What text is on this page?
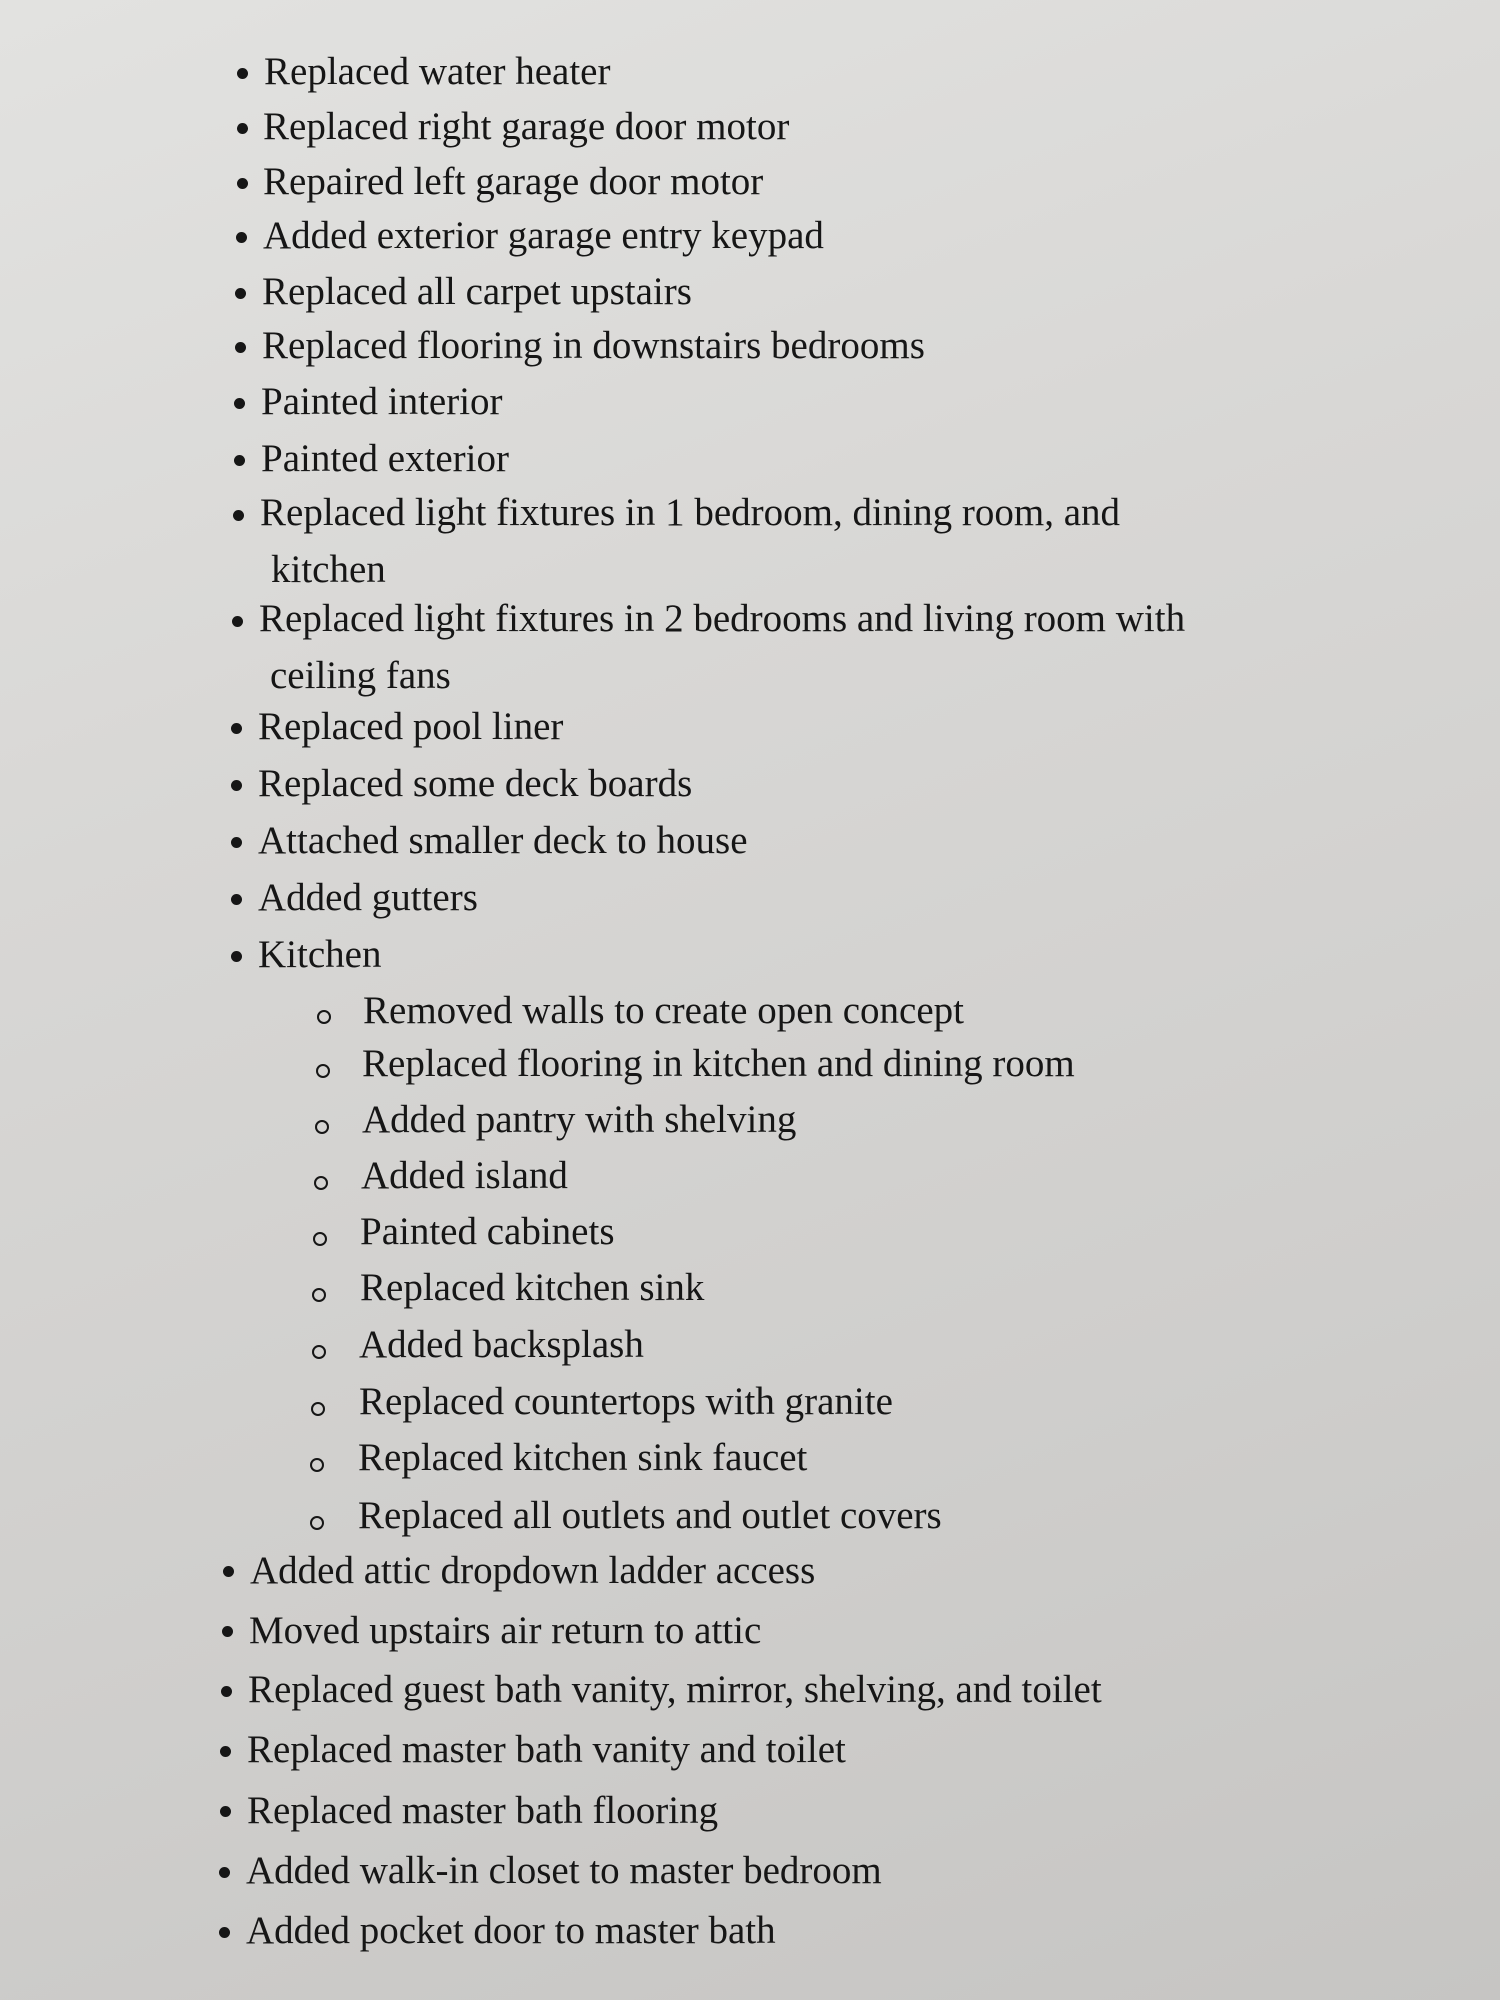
Replaced water heater
Replaced right garage door motor
Repaired left garage door motor
Added exterior garage entry keypad
Replaced all carpet upstairs
Replaced flooring in downstairs bedrooms
Painted interior
Painted exterior
Replaced light fixtures in 1 bedroom, dining room, and
kitchen
Replaced light fixtures in 2 bedrooms and living room with
ceiling fans
Replaced pool liner
Replaced some deck boards
Attached smaller deck to house
Added gutters
Kitchen
Removed walls to create open concept
Replaced flooring in kitchen and dining room
Added pantry with shelving
Added island
Painted cabinets
Replaced kitchen sink
Added backsplash
Replaced countertops with granite
Replaced kitchen sink faucet
Replaced all outlets and outlet covers
Added attic dropdown ladder access
Moved upstairs air return to attic
Replaced guest bath vanity, mirror, shelving, and toilet
Replaced master bath vanity and toilet
Replaced master bath flooring
Added walk-in closet to master bedroom
Added pocket door to master bath
